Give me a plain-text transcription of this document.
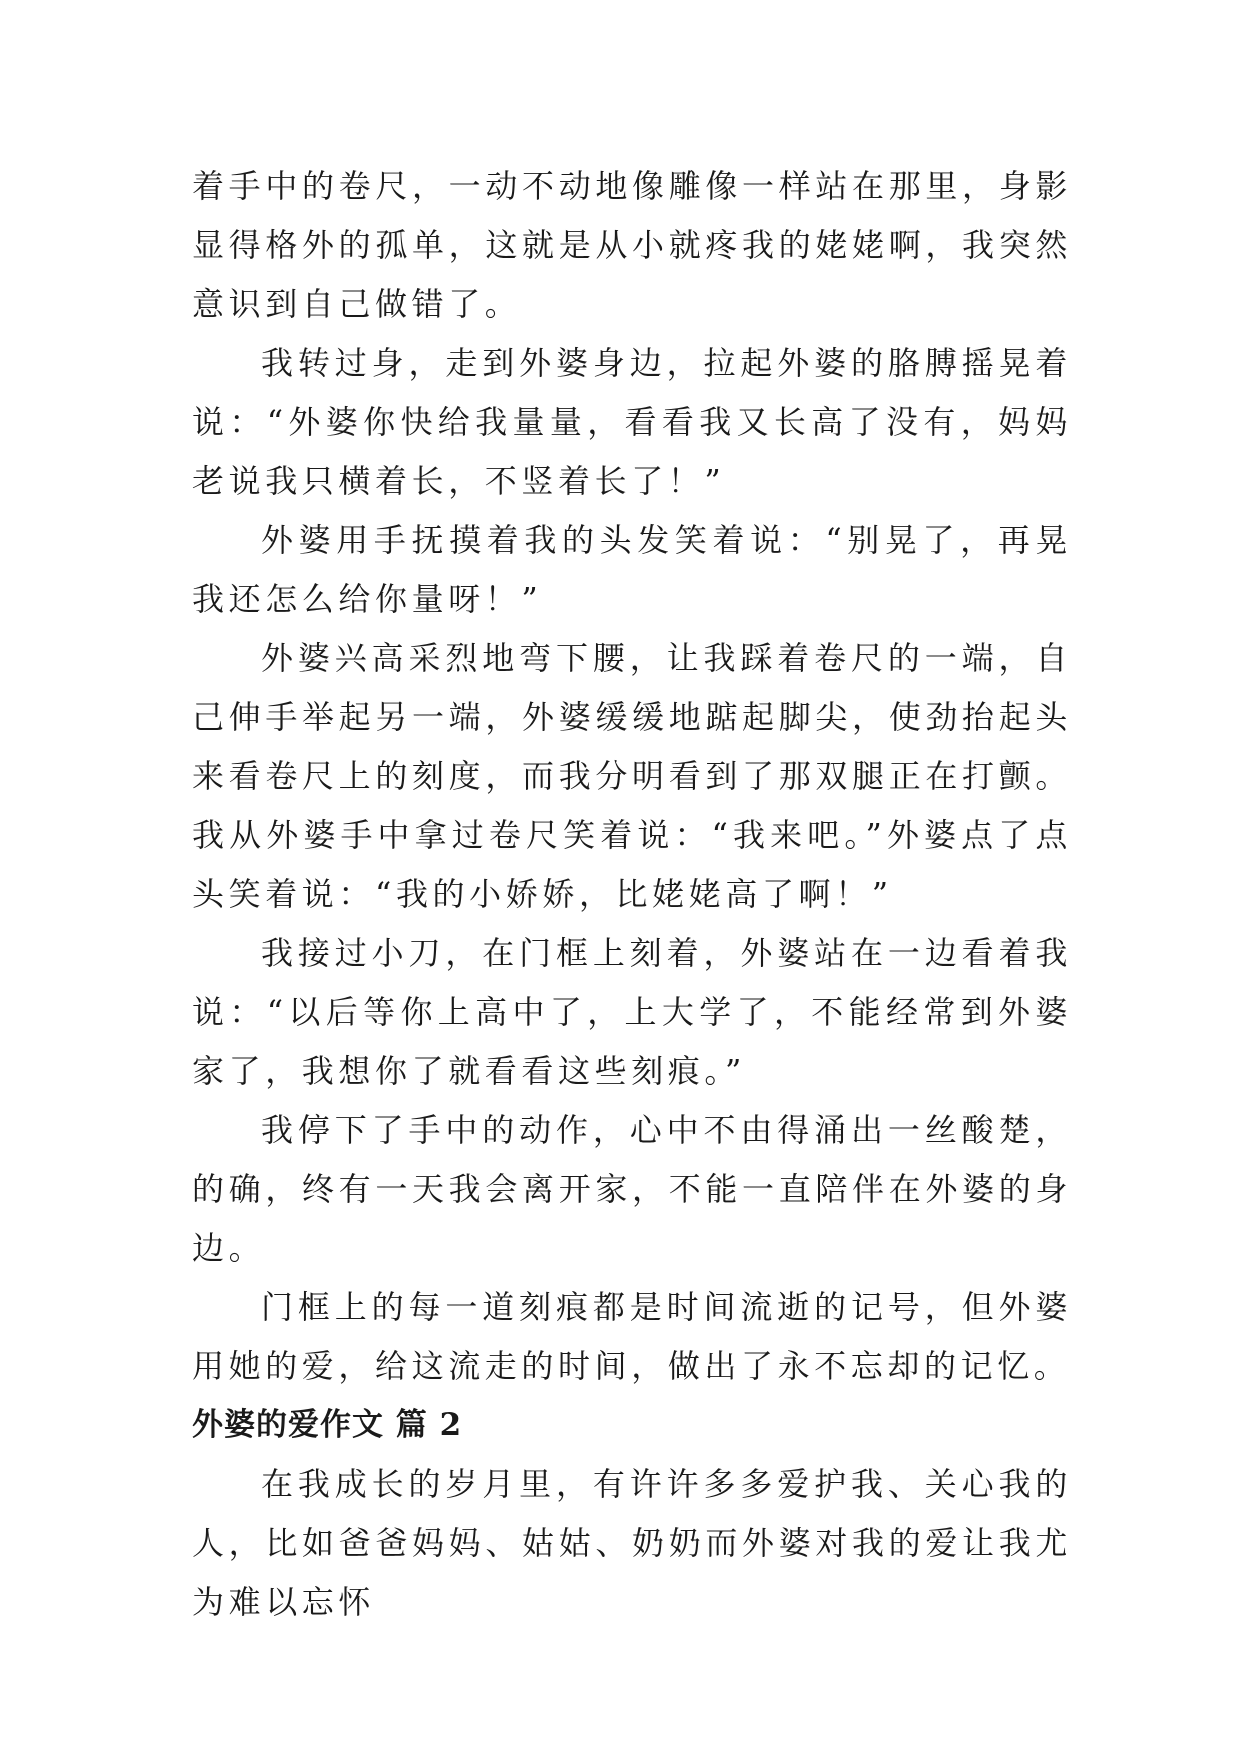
着手中的卷尺，一动不动地像雕像一样站在那里，身影显得格外的孤单，这就是从小就疼我的姥姥啊，我突然意识到自己做错了。

我转过身，走到外婆身边，拉起外婆的胳膊摇晃着说：“外婆你快给我量量，看看我又长高了没有，妈妈老说我只横着长，不竖着长了！”

外婆用手抚摸着我的头发笑着说：“别晃了，再晃我还怎么给你量呀！”

外婆兴高采烈地弯下腰，让我踩着卷尺的一端，自己伸手举起另一端，外婆缓缓地踮起脚尖，使劲抬起头来看卷尺上的刻度，而我分明看到了那双腿正在打颤。我从外婆手中拿过卷尺笑着说：“我来吧。”外婆点了点头笑着说：“我的小娇娇，比姥姥高了啊！”

我接过小刀，在门框上刻着，外婆站在一边看着我说：“以后等你上高中了，上大学了，不能经常到外婆家了，我想你了就看看这些刻痕。”

我停下了手中的动作，心中不由得涌出一丝酸楚，的确，终有一天我会离开家，不能一直陪伴在外婆的身边。

门框上的每一道刻痕都是时间流逝的记号，但外婆用她的爱，给这流走的时间，做出了永不忘却的记忆。

外婆的爱作文 篇 2

在我成长的岁月里，有许许多多爱护我、关心我的人，比如爸爸妈妈、姑姑、奶奶而外婆对我的爱让我尤为难以忘怀
